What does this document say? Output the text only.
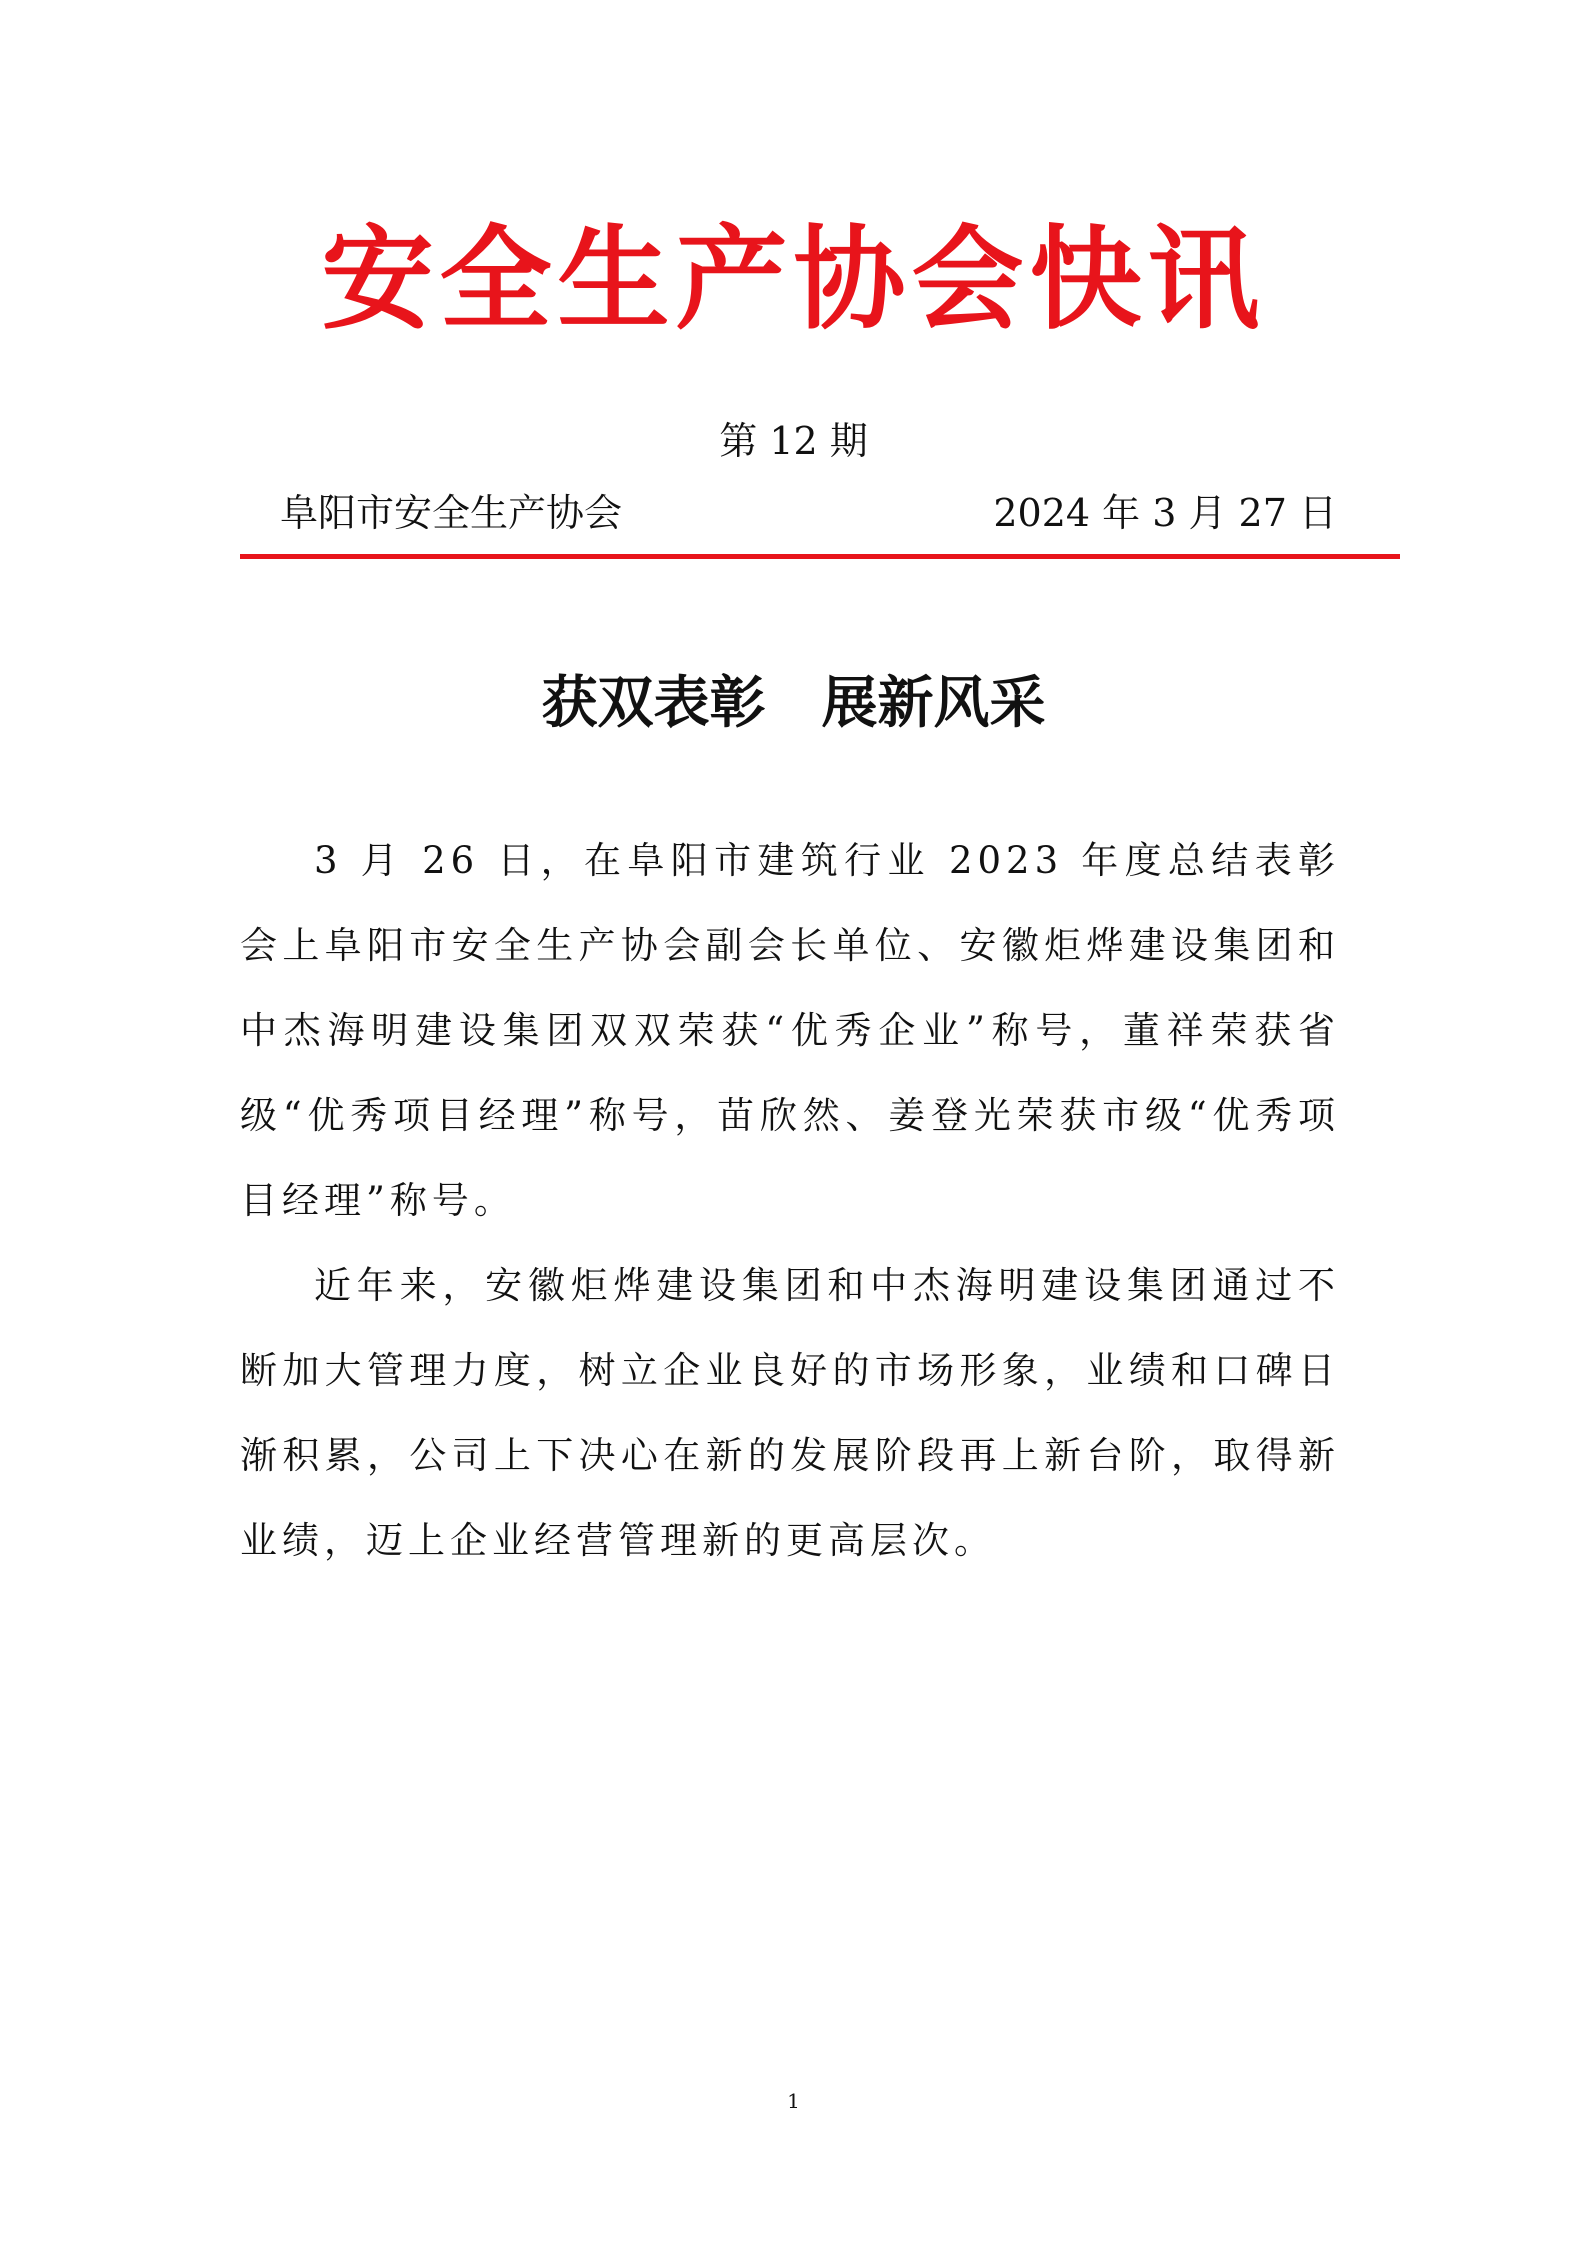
安全生产协会快讯
第 12 期
阜阳市安全生产协会	2024 年 3 月 27 日
获双表彰　展新风采

3 月 26 日，在阜阳市建筑行业 2023 年度总结表彰会上阜阳市安全生产协会副会长单位、安徽炬烨建设集团和中杰海明建设集团双双荣获“优秀企业”称号，董祥荣获省级“优秀项目经理”称号，苗欣然、姜登光荣获市级“优秀项目经理”称号。

近年来，安徽炬烨建设集团和中杰海明建设集团通过不断加大管理力度，树立企业良好的市场形象，业绩和口碑日渐积累，公司上下决心在新的发展阶段再上新台阶，取得新业绩，迈上企业经营管理新的更高层次。

1
